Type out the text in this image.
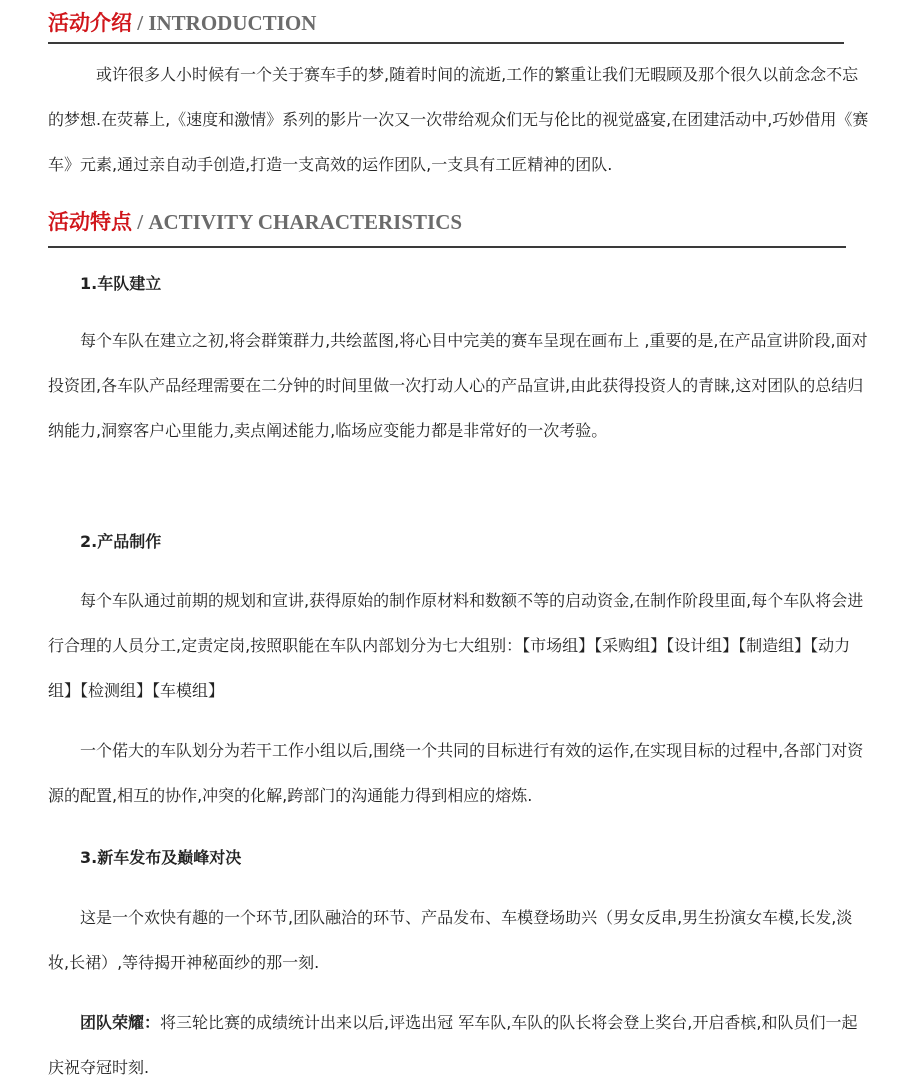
活动介绍 / INTRODUCTION

或许很多人小时候有一个关于赛车手的梦,随着时间的流逝,工作的繁重让我们无暇顾及那个很久以前念念不忘的梦想.在荧幕上,《速度和激情》系列的影片一次又一次带给观众们无与伦比的视觉盛宴,在团建活动中,巧妙借用《赛车》元素,通过亲自动手创造,打造一支高效的运作团队,一支具有工匠精神的团队.

活动特点 / ACTIVITY CHARACTERISTICS
1.车队建立

每个车队在建立之初,将会群策群力,共绘蓝图,将心目中完美的赛车呈现在画布上 ,重要的是,在产品宣讲阶段,面对投资团,各车队产品经理需要在二分钟的时间里做一次打动人心的产品宣讲,由此获得投资人的青睐,这对团队的总结归纳能力,洞察客户心里能力,卖点阐述能力,临场应变能力都是非常好的一次考验。

2.产品制作

每个车队通过前期的规划和宣讲,获得原始的制作原材料和数额不等的启动资金,在制作阶段里面,每个车队将会进行合理的人员分工,定责定岗,按照职能在车队内部划分为七大组别：【市场组】【采购组】【设计组】【制造组】【动力组】【检测组】【车模组】

一个偌大的车队划分为若干工作小组以后,围绕一个共同的目标进行有效的运作,在实现目标的过程中,各部门对资源的配置,相互的协作,冲突的化解,跨部门的沟通能力得到相应的熔炼.

3.新车发布及巅峰对决

这是一个欢快有趣的一个环节,团队融洽的环节、产品发布、车模登场助兴（男女反串,男生扮演女车模,长发,淡妆,长裙）,等待揭开神秘面纱的那一刻.

团队荣耀：将三轮比赛的成绩统计出来以后,评选出冠 军车队,车队的队长将会登上奖台,开启香槟,和队员们一起庆祝夺冠时刻.
